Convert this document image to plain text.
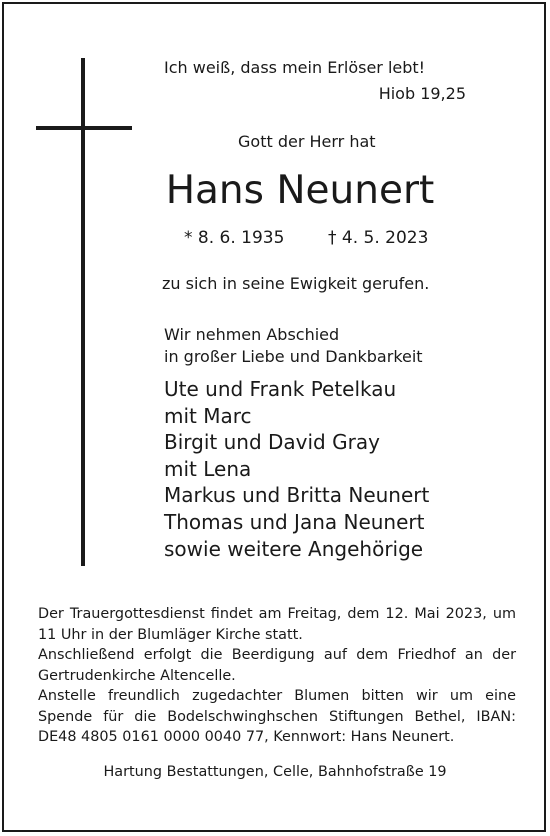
Ich weiß, dass mein Erlöser lebt!
Hiob 19,25
Gott der Herr hat
Hans Neunert
* 8. 6. 1935	† 4. 5. 2023
zu sich in seine Ewigkeit gerufen.
Wir nehmen Abschied
in großer Liebe und Dankbarkeit
Ute und Frank Petelkau
mit Marc
Birgit und David Gray
mit Lena
Markus und Britta Neunert
Thomas und Jana Neunert
sowie weitere Angehörige
Der Trauergottesdienst findet am Freitag, dem 12. Mai 2023, um
11 Uhr in der Blumläger Kirche statt.
Anschließend erfolgt die Beerdigung auf dem Friedhof an der
Gertrudenkirche Altencelle.
Anstelle freundlich zugedachter Blumen bitten wir um eine
Spende für die Bodelschwinghschen Stiftungen Bethel, IBAN:
DE48 4805 0161 0000 0040 77, Kennwort: Hans Neunert.
Hartung Bestattungen, Celle, Bahnhofstraße 19
